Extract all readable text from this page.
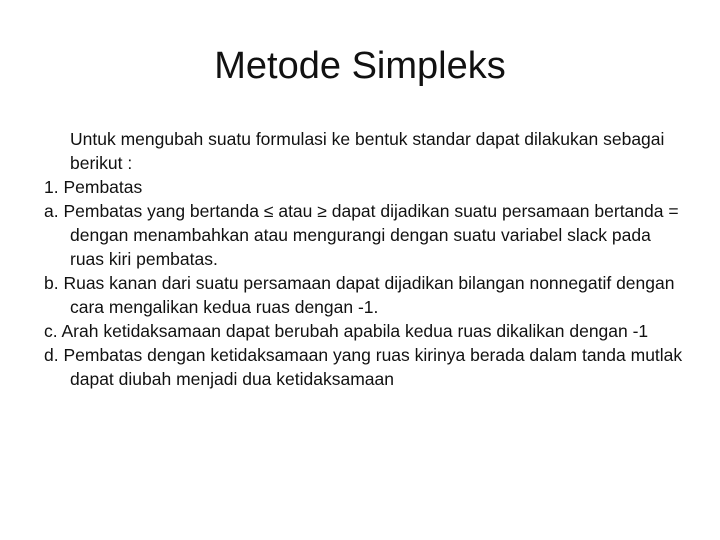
Metode Simpleks

Untuk mengubah suatu formulasi ke bentuk standar dapat dilakukan sebagai berikut :

1. Pembatas

a. Pembatas yang bertanda ≤ atau ≥ dapat dijadikan suatu persamaan bertanda = dengan menambahkan atau mengurangi dengan suatu variabel slack pada ruas kiri pembatas.

b. Ruas kanan dari suatu persamaan dapat dijadikan bilangan nonnegatif dengan cara mengalikan kedua ruas dengan -1.

c. Arah ketidaksamaan dapat berubah apabila kedua ruas dikalikan dengan -1

d. Pembatas dengan ketidaksamaan yang ruas kirinya berada dalam tanda mutlak dapat diubah menjadi dua ketidaksamaan
